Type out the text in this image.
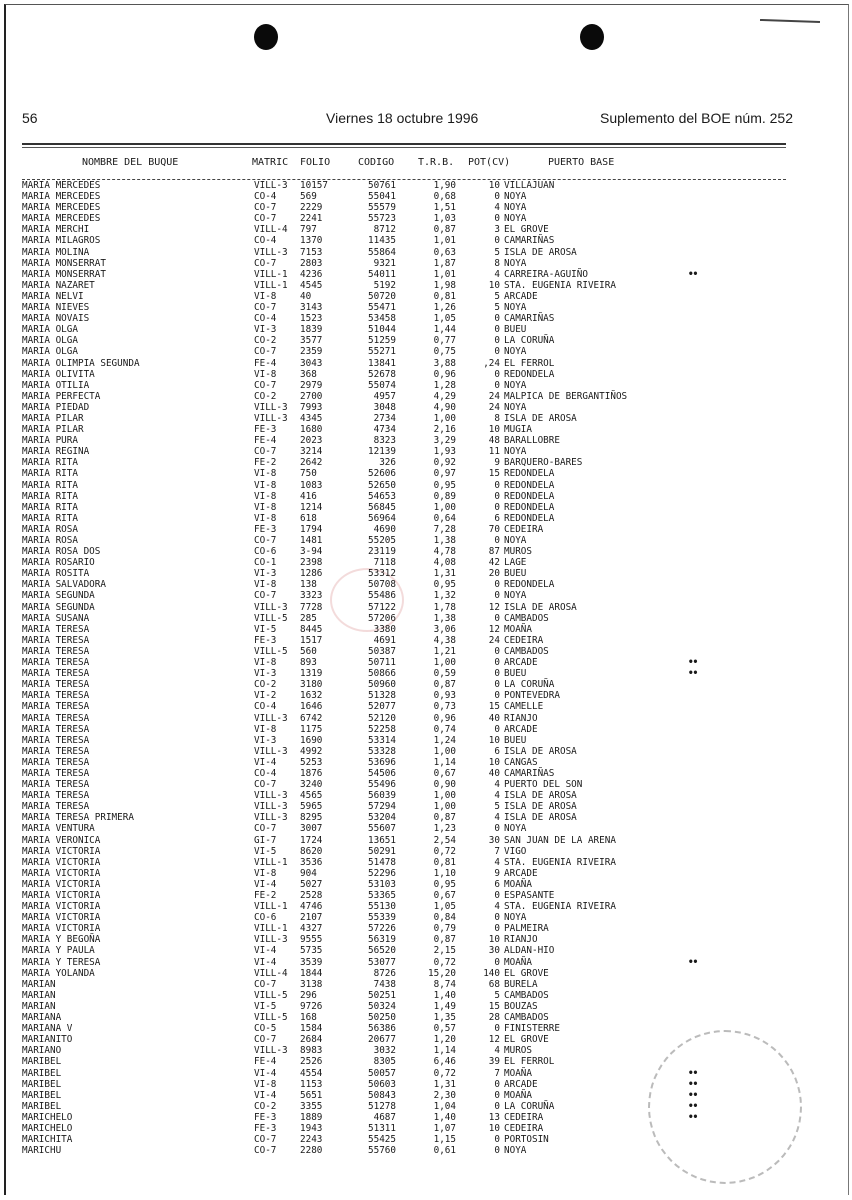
56	Viernes 18 octubre 1996	Suplemento del BOE núm. 252
NOMBRE DEL BUQUE	MATRIC FOLIO	CODIGO T.R.B. POT(CV)	PUERTO BASE
MARIA MERCEDES	VILL-3 10157	50761	1,90	10 VILLAJUAN
MARIA MERCEDES	CO-4	569	55041	0,68	0 NOYA
MARIA MERCEDES	CO-7	2229	55579	1,51	4 NOYA
MARIA MERCEDES	CO-7	2241	55723	1,03	0 NOYA
MARIA MERCHI	VILL-4 797	8712	0,87	3 EL GROVE
MARIA MILAGROS	CO-4	1370	11435	1,01	0 CAMARIÑAS
MARIA MOLINA	VILL-3 7153	55864	0,63	5 ISLA DE AROSA
MARIA MONSERRAT	CO-7	2803	9321	1,87	8 NOYA
MARIA MONSERRAT	VILL-1 4236	54011	1,01	4 CARREIRA-AGUIÑO	••
MARIA NAZARET	VILL-1 4545	5192	1,98	10 STA. EUGENIA RIVEIRA
MARIA NELVI	VI-8	40	50720	0,81	5 ARCADE
MARIA NIEVES	CO-7	3143	55471	1,26	5 NOYA
MARIA NOVAIS	CO-4	1523	53458	1,05	0 CAMARIÑAS
MARIA OLGA	VI-3	1839	51044	1,44	0 BUEU
MARIA OLGA	CO-2	3577	51259	0,77	0 LA CORUÑA
MARIA OLGA	CO-7	2359	55271	0,75	0 NOYA
MARIA OLIMPIA SEGUNDA	FE-4	3043	13841	3,88	,24 EL FERROL
MARIA OLIVITA	VI-8	368	52678	0,96	0 REDONDELA
MARIA OTILIA	CO-7	2979	55074	1,28	0 NOYA
MARIA PERFECTA	CO-2	2700	4957	4,29	24 MALPICA DE BERGANTIÑOS
MARIA PIEDAD	VILL-3 7993	3048	4,90	24 NOYA
MARIA PILAR	VILL-3 4345	2734	1,00	8 ISLA DE AROSA
MARIA PILAR	FE-3	1680	4734	2,16	10 MUGIA
MARIA PURA	FE-4	2023	8323	3,29	48 BARALLOBRE
MARIA REGINA	CO-7	3214	12139	1,93	11 NOYA
MARIA RITA	FE-2	2642	326	0,92	9 BARQUERO-BARES
MARIA RITA	VI-8	750	52606	0,97	15 REDONDELA
MARIA RITA	VI-8	1083	52650	0,95	0 REDONDELA
MARIA RITA	VI-8	416	54653	0,89	0 REDONDELA
MARIA RITA	VI-8	1214	56845	1,00	0 REDONDELA
MARIA RITA	VI-8	618	56964	0,64	6 REDONDELA
MARIA ROSA	FE-3	1794	4690	7,28	70 CEDEIRA
MARIA ROSA	CO-7	1481	55205	1,38	0 NOYA
MARIA ROSA DOS	CO-6	3-94	23119	4,78	87 MUROS
MARIA ROSARIO	CO-1	2398	7118	4,08	42 LAGE
MARIA ROSITA	VI-3	1286	53312	1,31	20 BUEU
MARIA SALVADORA	VI-8	138	50708	0,95	0 REDONDELA
MARIA SEGUNDA	CO-7	3323	55486	1,32	0 NOYA
MARIA SEGUNDA	VILL-3 7728	57122	1,78	12 ISLA DE AROSA
MARIA SUSANA	VILL-5 285	57206	1,38	0 CAMBADOS
MARIA TERESA	VI-5	8445	3380	3,06	12 MOAÑA
MARIA TERESA	FE-3	1517	4691	4,38	24 CEDEIRA
MARIA TERESA	VILL-5 560	50387	1,21	0 CAMBADOS
MARIA TERESA	VI-8	893	50711	1,00	0 ARCADE	••
MARIA TERESA	VI-3	1319	50866	0,59	0 BUEU	••
MARIA TERESA	CO-2	3180	50960	0,87	0 LA CORUÑA
MARIA TERESA	VI-2	1632	51328	0,93	0 PONTEVEDRA
MARIA TERESA	CO-4	1646	52077	0,73	15 CAMELLE
MARIA TERESA	VILL-3 6742	52120	0,96	40 RIANJO
MARIA TERESA	VI-8	1175	52258	0,74	0 ARCADE
MARIA TERESA	VI-3	1690	53314	1,24	10 BUEU
MARIA TERESA	VILL-3 4992	53328	1,00	6 ISLA DE AROSA
MARIA TERESA	VI-4	5253	53696	1,14	10 CANGAS
MARIA TERESA	CO-4	1876	54506	0,67	40 CAMARIÑAS
MARIA TERESA	CO-7	3240	55496	0,90	4 PUERTO DEL SON
MARIA TERESA	VILL-3 4565	56039	1,00	4 ISLA DE AROSA
MARIA TERESA	VILL-3 5965	57294	1,00	5 ISLA DE AROSA
MARIA TERESA PRIMERA	VILL-3 8295	53204	0,87	4 ISLA DE AROSA
MARIA VENTURA	CO-7	3007	55607	1,23	0 NOYA
MARIA VERONICA	GI-7	1724	13651	2,54	30 SAN JUAN DE LA ARENA
MARIA VICTORIA	VI-5	8620	50291	0,72	7 VIGO
MARIA VICTORIA	VILL-1 3536	51478	0,81	4 STA. EUGENIA RIVEIRA
MARIA VICTORIA	VI-8	904	52296	1,10	9 ARCADE
MARIA VICTORIA	VI-4	5027	53103	0,95	6 MOAÑA
MARIA VICTORIA	FE-2	2528	53365	0,67	0 ESPASANTE
MARIA VICTORIA	VILL-1 4746	55130	1,05	4 STA. EUGENIA RIVEIRA
MARIA VICTORIA	CO-6	2107	55339	0,84	0 NOYA
MARIA VICTORIA	VILL-1 4327	57226	0,79	0 PALMEIRA
MARIA Y BEGOÑA	VILL-3 9555	56319	0,87	10 RIANJO
MARIA Y PAULA	VI-4	5735	56520	2,15	30 ALDAN-HIO
MARIA Y TERESA	VI-4	3539	53077	0,72	0 MOAÑA	••
MARIA YOLANDA	VILL-4 1844	8726	15,20	140 EL GROVE
MARIAN	CO-7	3138	7438	8,74	68 BURELA
MARIAN	VILL-5 296	50251	1,40	5 CAMBADOS
MARIAN	VI-5	9726	50324	1,49	15 BOUZAS
MARIANA	VILL-5 168	50250	1,35	28 CAMBADOS
MARIANA V	CO-5	1584	56386	0,57	0 FINISTERRE
MARIANITO	CO-7	2684	20677	1,20	12 EL GROVE
MARIANO	VILL-3 8983	3032	1,14	4 MUROS
MARIBEL	FE-4	2526	8305	6,46	39 EL FERROL
MARIBEL	VI-4	4554	50057	0,72	7 MOAÑA	••
MARIBEL	VI-8	1153	50603	1,31	0 ARCADE	••
MARIBEL	VI-4	5651	50843	2,30	0 MOAÑA	••
MARIBEL	CO-2	3355	51278	1,04	0 LA CORUÑA	••
MARICHELO	FE-3	1889	4687	1,40	13 CEDEIRA	••
MARICHELO	FE-3	1943	51311	1,07	10 CEDEIRA
MARICHITA	CO-7	2243	55425	1,15	0 PORTOSIN
MARICHU	CO-7	2280	55760	0,61	0 NOYA
